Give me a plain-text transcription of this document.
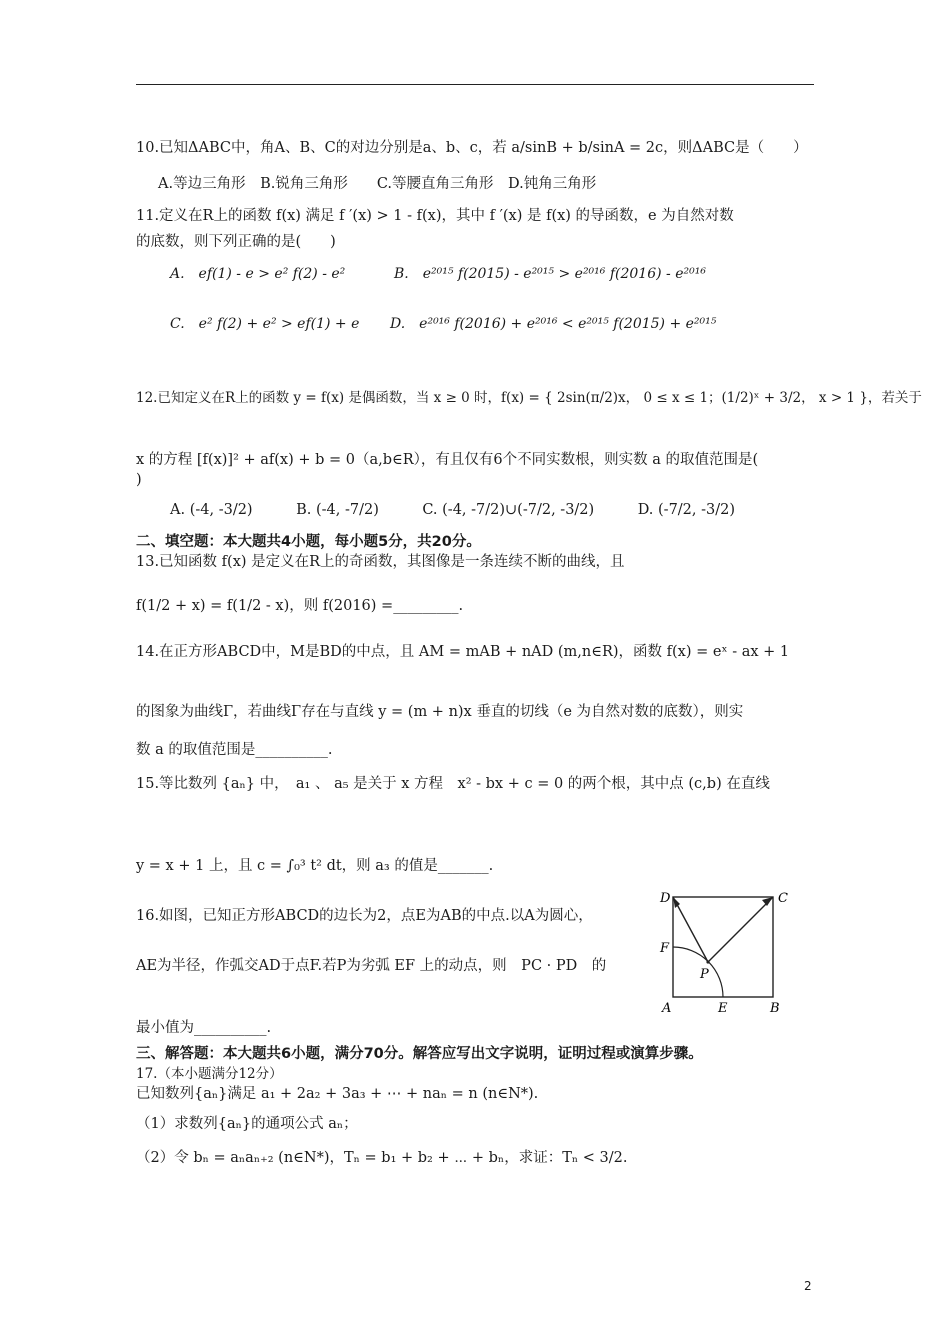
10.已知ΔABC中，角A、B、C的对边分别是a、b、c，若 a/sinB + b/sinA = 2c，则ΔABC是（　　）
A.等边三角形　B.锐角三角形　　C.等腰直角三角形　D.钝角三角形
11.定义在R上的函数 f(x) 满足 f ′(x) > 1 - f(x)，其中 f ′(x) 是 f(x) 的导函数，e 为自然对数
的底数，则下列正确的是(　　)
A.　ef(1) - e > e² f(2) - e²	B.　e²⁰¹⁵ f(2015) - e²⁰¹⁵ > e²⁰¹⁶ f(2016) - e²⁰¹⁶
C.　e² f(2) + e² > ef(1) + e D.　e²⁰¹⁶ f(2016) + e²⁰¹⁶ < e²⁰¹⁵ f(2015) + e²⁰¹⁵
12.已知定义在R上的函数 y = f(x) 是偶函数，当 x ≥ 0 时，f(x) = { 2sin(π/2)x， 0 ≤ x ≤ 1；(1/2)ˣ + 3/2， x > 1 }，若关于
x 的方程 [f(x)]² + af(x) + b = 0（a,b∈R），有且仅有6个不同实数根，则实数 a 的取值范围是(
)
A. (-4, -3/2)　　　B. (-4, -7/2)　　　C. (-4, -7/2)∪(-7/2, -3/2)　　　D. (-7/2, -3/2)
二、填空题：本大题共4小题，每小题5分，共20分。
13.已知函数 f(x) 是定义在R上的奇函数，其图像是一条连续不断的曲线，且
f(1/2 + x) = f(1/2 - x)，则 f(2016) =_________.
14.在正方形ABCD中，M是BD的中点，且 AM = mAB + nAD (m,n∈R)，函数 f(x) = eˣ - ax + 1
的图象为曲线Γ，若曲线Γ存在与直线 y = (m + n)x 垂直的切线（e 为自然对数的底数），则实
数 a 的取值范围是__________.
15.等比数列 {aₙ} 中，　a₁ 、 a₅ 是关于 x 方程　x² - bx + c = 0 的两个根，其中点 (c,b) 在直线
y = x + 1 上，且 c = ∫₀³ t² dt，则 a₃ 的值是_______.
16.如图，已知正方形ABCD的边长为2，点E为AB的中点.以A为圆心，
AE为半径，作弧交AD于点F.若P为劣弧 EF 上的动点，则　PC · PD　的
最小值为__________.
D	C
A	B
E
F
P
三、解答题：本大题共6小题，满分70分。解答应写出文字说明，证明过程或演算步骤。
17.（本小题满分12分）
已知数列{aₙ}满足 a₁ + 2a₂ + 3a₃ + ⋯ + naₙ = n (n∈N*).
（1）求数列{aₙ}的通项公式 aₙ；
（2）令 bₙ = aₙaₙ₊₂ (n∈N*)，Tₙ = b₁ + b₂ + ⋯ + bₙ，求证：Tₙ < 3/2.
2
